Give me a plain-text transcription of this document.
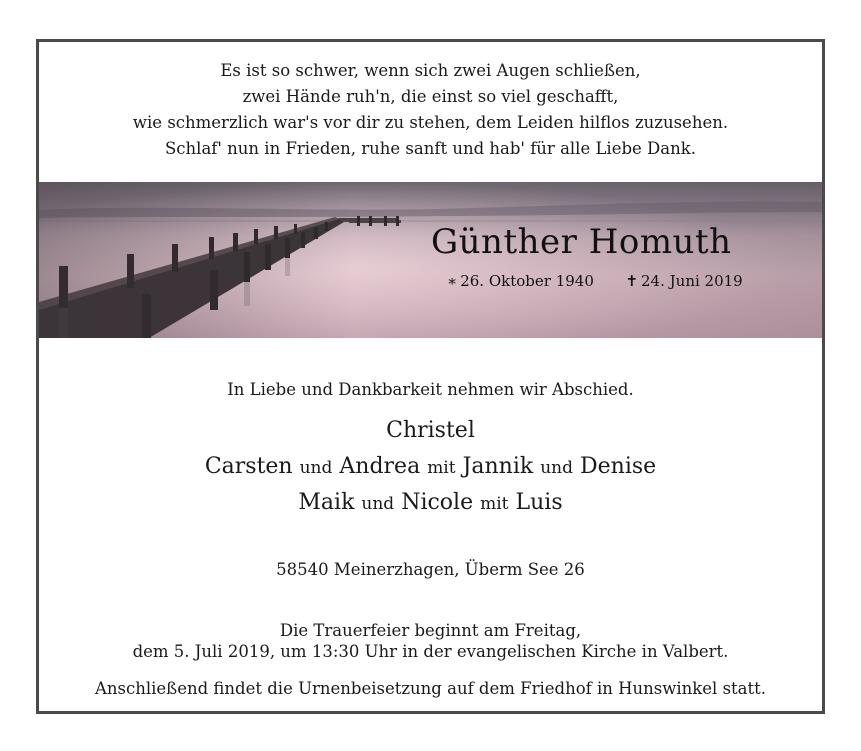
Es ist so schwer, wenn sich zwei Augen schließen,
zwei Hände ruh'n, die einst so viel geschafft,
wie schmerzlich war's vor dir zu stehen, dem Leiden hilflos zuzusehen.
Schlaf' nun in Frieden, ruhe sanft und hab' für alle Liebe Dank.
Günther Homuth
∗ 26. Oktober 1940 ✝ 24. Juni 2019
In Liebe und Dankbarkeit nehmen wir Abschied.
Christel
Carsten und Andrea mit Jannik und Denise
Maik und Nicole mit Luis
58540 Meinerzhagen, Überm See 26
Die Trauerfeier beginnt am Freitag,
dem 5. Juli 2019, um 13:30 Uhr in der evangelischen Kirche in Valbert.
Anschließend findet die Urnenbeisetzung auf dem Friedhof in Hunswinkel statt.
